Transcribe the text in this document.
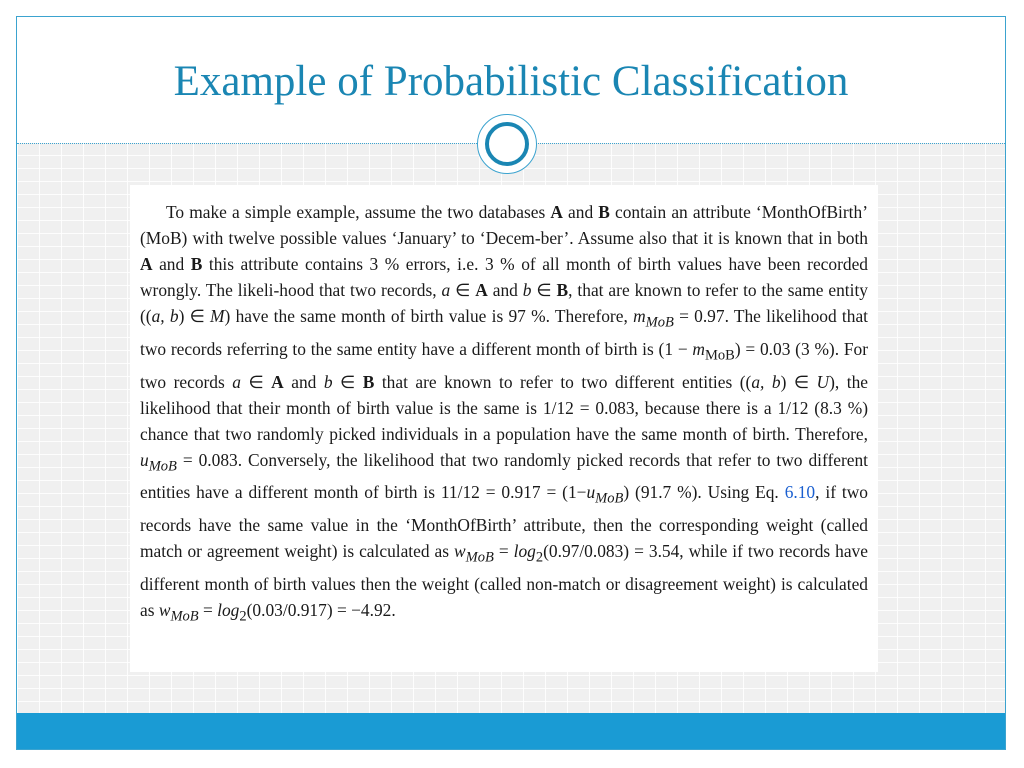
Example of Probabilistic Classification

To make a simple example, assume the two databases A and B contain an attribute ‘MonthOfBirth’ (MoB) with twelve possible values ‘January’ to ‘Decem-ber’. Assume also that it is known that in both A and B this attribute contains 3 % errors, i.e. 3 % of all month of birth values have been recorded wrongly. The likeli-hood that two records, a ∈ A and b ∈ B, that are known to refer to the same entity ((a, b) ∈ M) have the same month of birth value is 97 %. Therefore, $m_{MoB} = 0.97$. The likelihood that two records referring to the same entity have a different month of birth is $(1 - m_{MoB}) = 0.03$ (3 %). For two records a ∈ A and b ∈ B that are known to refer to two different entities ((a, b) ∈ U), the likelihood that their month of birth value is the same is 1/12 = 0.083, because there is a 1/12 (8.3 %) chance that two randomly picked individuals in a population have the same month of birth. Therefore, $u_{MoB} = 0.083$. Conversely, the likelihood that two randomly picked records that refer to two different entities have a different month of birth is $11/12 = 0.917 = (1-u_{MoB})$ (91.7 %). Using Eq. 6.10, if two records have the same value in the ‘MonthOfBirth’ attribute, then the corresponding weight (called match or agreement weight) is calculated as $w_{MoB} = \log_2(0.97/0.083) = 3.54$, while if two records have different month of birth values then the weight (called non-match or disagreement weight) is calculated as $w_{MoB} = \log_2(0.03/0.917) = -4.92$.
